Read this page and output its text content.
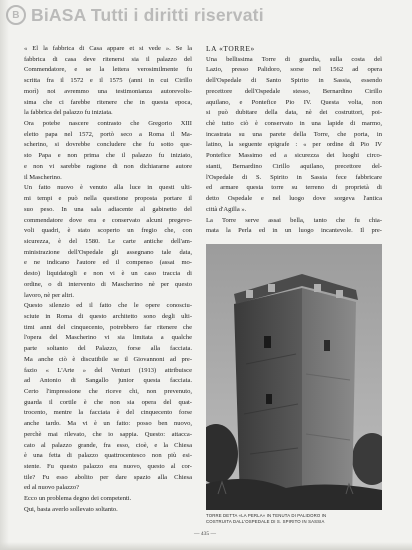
B BiASA Tutti i diritti riservati
« El la fabbrica di Casa appare et si vede ». Se la
fabbrica di casa deve ritenersi sia il palazzo del
Commendatore, e se la lettera verosimilmente fu
scritta fra il 1572 e il 1575 (anni in cui Cirillo
morì) noi avremmo una testimonianza autorevolis-
sima che ci farebbe ritenere che in questa epoca,
la fabbrica del palazzo fu iniziata.
Ora potebe nascere contrasto che Gregorio XIII
eletto papa nel 1572, portò seco a Roma il Ma-
scherino, si dovrebbe concludere che fu sotto que-
sto Papa e non prima che il palazzo fu iniziato,
e non vi sarebbe ragione di non dichiararne autore
il Mascherino.
Un fatto nuovo è venuto alla luce in questi ulti-
mi tempi e può nella questione proposta portare il
suo peso. In una sala adiacente al gabinetto del
commendatore dove era e conservato alcuni pregevo-
voli quadri, è stato scoperto un fregio che, con
sicurezza, è del 1580. Le carte antiche dell'am-
ministrazione dell'Ospedale gli assegnano tale data,
e ne indicano l'autore ed il compenso (assai mo-
desto) liquidatogli e non vi è un caso traccia di
ordine, o di intervento di Mascherino nè per questo
lavoro, nè per altri.
Questo silenzio ed il fatto che le opere conosciu-
sciute in Roma di questo architetto sono degli ulti-
timi anni del cinquecento, potrebbero far ritenere che
l'opera del Mascherino vi sia limitata a qualche
parte soltanto del Palazzo, forse alla facciata.
Ma anche ciò è discutibile se il Giovannoni ad pre-
fazio « L'Arte » del Venturi (1913) attribuisce
ad Antonio di Sangallo junior questa facciata.
Certo l'impressione che riceve chi, non prevenuto,
guarda il cortile è che non sia opera del quat-
trocento, mentre la facciata è del cinquecento forse
anche tardo. Ma vi è un fatto: posso ben nuovo,
perchè mai rilevato, che io sappia. Questo: attacca-
cato al palazzo grande, fra esso, cioè, e la Chiesa
è una fetta di palazzo quattrocentesco non più esi-
stente. Fu questo palazzo era nuovo, questo al cor-
tile? Fu esso abolito per dare spazio alla Chiesa
ed al nuovo palazzo?
Ecco un problema degno dei competenti.
Qui, basta averlo sollevato soltanto.
LA «TORRE»
Una bellissima Torre di guardia, sulla costa del
Lazio, presso Palidoro, sorse nel 1562 ad opera
dell'Ospedale di Santo Spirito in Sassia, essendo
precettore dell'Ospedale stesso, Bernardino Cirillo
aquilano, e Pontefice Pio IV. Questa volta, non
si può dubitare della data, nè dei costruttori, poi-
chè tutto ciò è conservato in una lapide di marmo,
incastrata su una parete della Torre, che porta, in
latino, la seguente epigrafe : « per ordine di Pio IV
Pontefice Massimo ed a sicurezza dei luoghi circo-
stanti, Bernardino Cirillo aquilano, precettore del-
l'Ospedale di S. Spirito in Sassia fece fabbricare
ed armare questa torre su terreno di proprietà di
detto Ospedale e nel luogo dove sorgeva l'antica
città d'Agilla ».
La Torre serve assai bella, tanto che fu chia-
mata la Perla ed in un luogo incantevole. Il pre-
TORRE DETTA «LA PERLA» IN TENUTA DI PALIDORO IN
COSTRUITA DALL'OSPEDALE DI S. SPIRITO IN SASSIA
— 435 —
